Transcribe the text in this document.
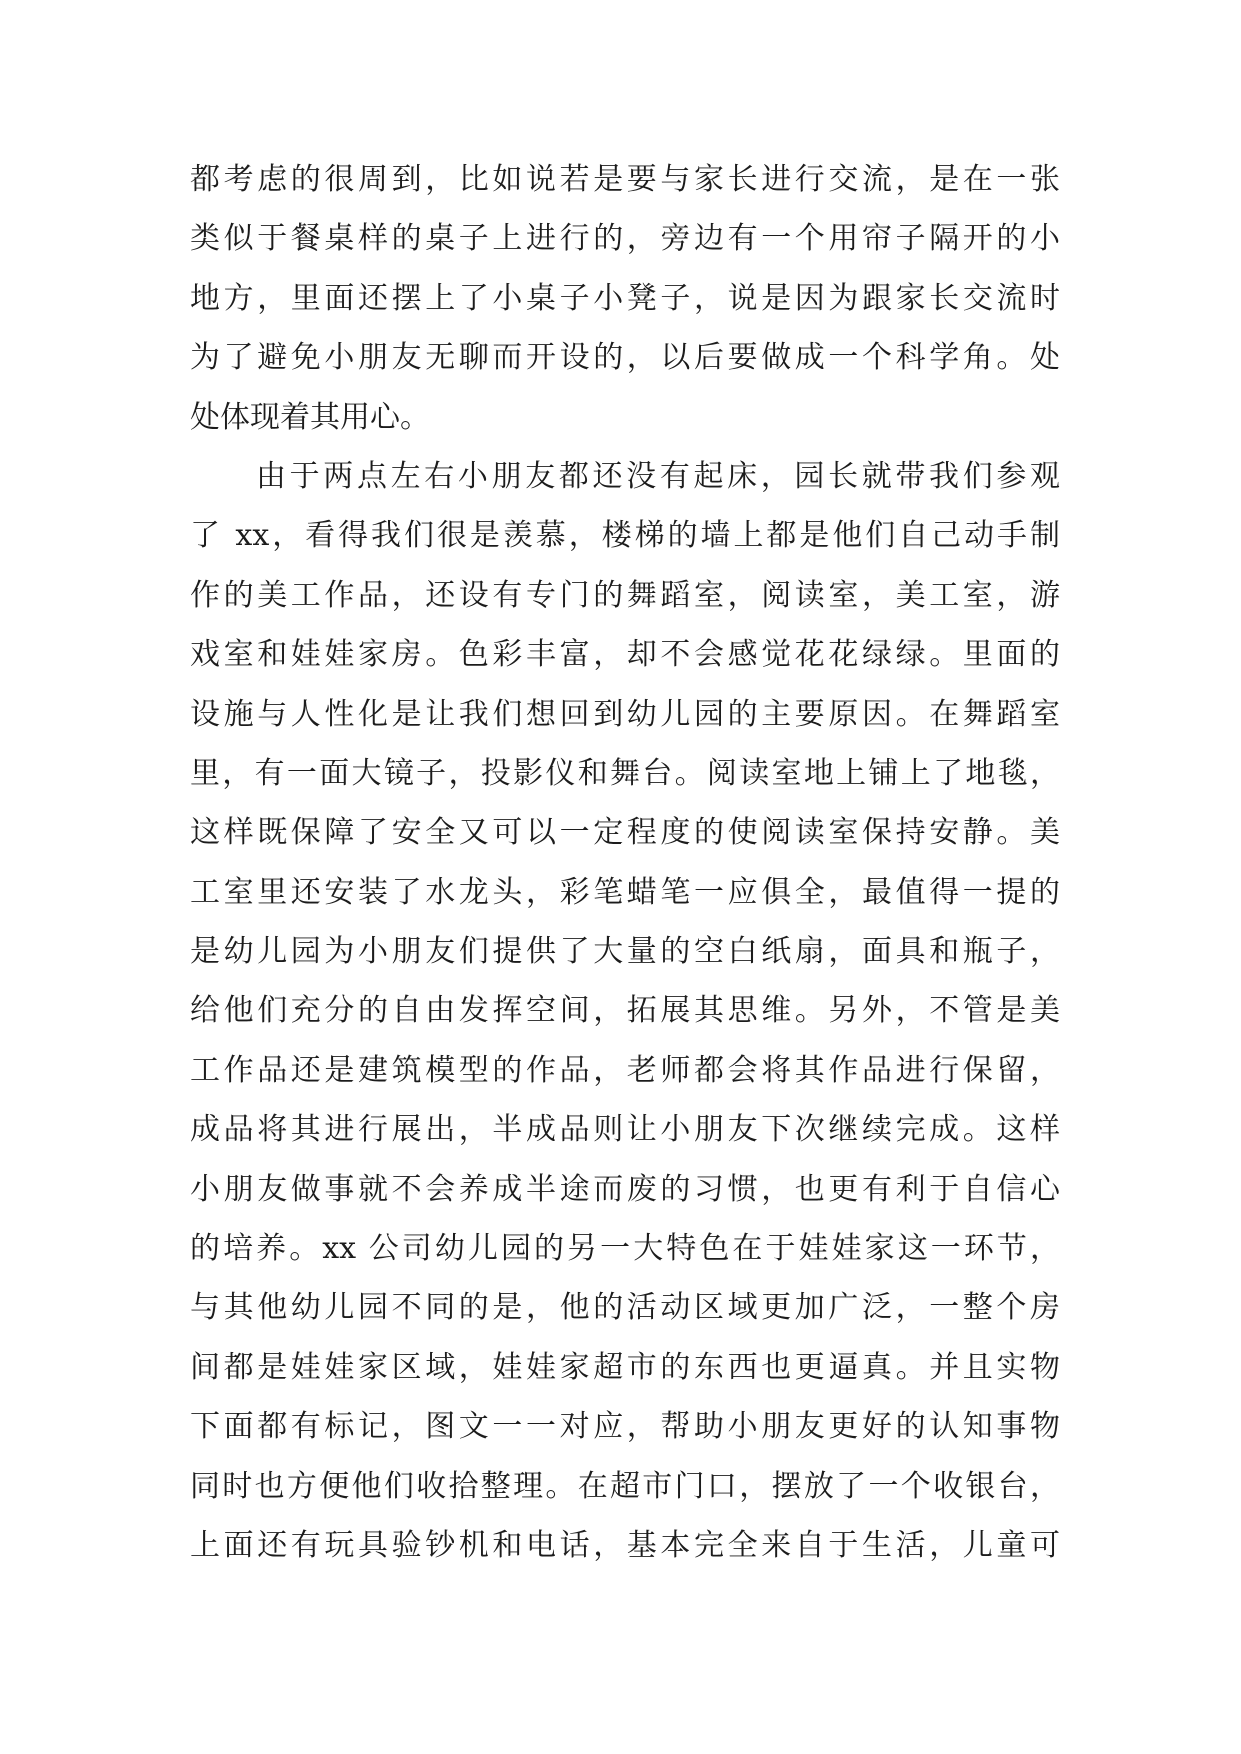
都考虑的很周到，比如说若是要与家长进行交流，是在一张
类似于餐桌样的桌子上进行的，旁边有一个用帘子隔开的小
地方，里面还摆上了小桌子小凳子，说是因为跟家长交流时
为了避免小朋友无聊而开设的，以后要做成一个科学角。处
处体现着其用心。
由于两点左右小朋友都还没有起床，园长就带我们参观
了 xx，看得我们很是羡慕，楼梯的墙上都是他们自己动手制
作的美工作品，还设有专门的舞蹈室，阅读室，美工室，游
戏室和娃娃家房。色彩丰富，却不会感觉花花绿绿。里面的
设施与人性化是让我们想回到幼儿园的主要原因。在舞蹈室
里，有一面大镜子，投影仪和舞台。阅读室地上铺上了地毯，
这样既保障了安全又可以一定程度的使阅读室保持安静。美
工室里还安装了水龙头，彩笔蜡笔一应俱全，最值得一提的
是幼儿园为小朋友们提供了大量的空白纸扇，面具和瓶子，
给他们充分的自由发挥空间，拓展其思维。另外，不管是美
工作品还是建筑模型的作品，老师都会将其作品进行保留，
成品将其进行展出，半成品则让小朋友下次继续完成。这样
小朋友做事就不会养成半途而废的习惯，也更有利于自信心
的培养。xx 公司幼儿园的另一大特色在于娃娃家这一环节，
与其他幼儿园不同的是，他的活动区域更加广泛，一整个房
间都是娃娃家区域，娃娃家超市的东西也更逼真。并且实物
下面都有标记，图文一一对应，帮助小朋友更好的认知事物
同时也方便他们收拾整理。在超市门口，摆放了一个收银台，
上面还有玩具验钞机和电话，基本完全来自于生活，儿童可
